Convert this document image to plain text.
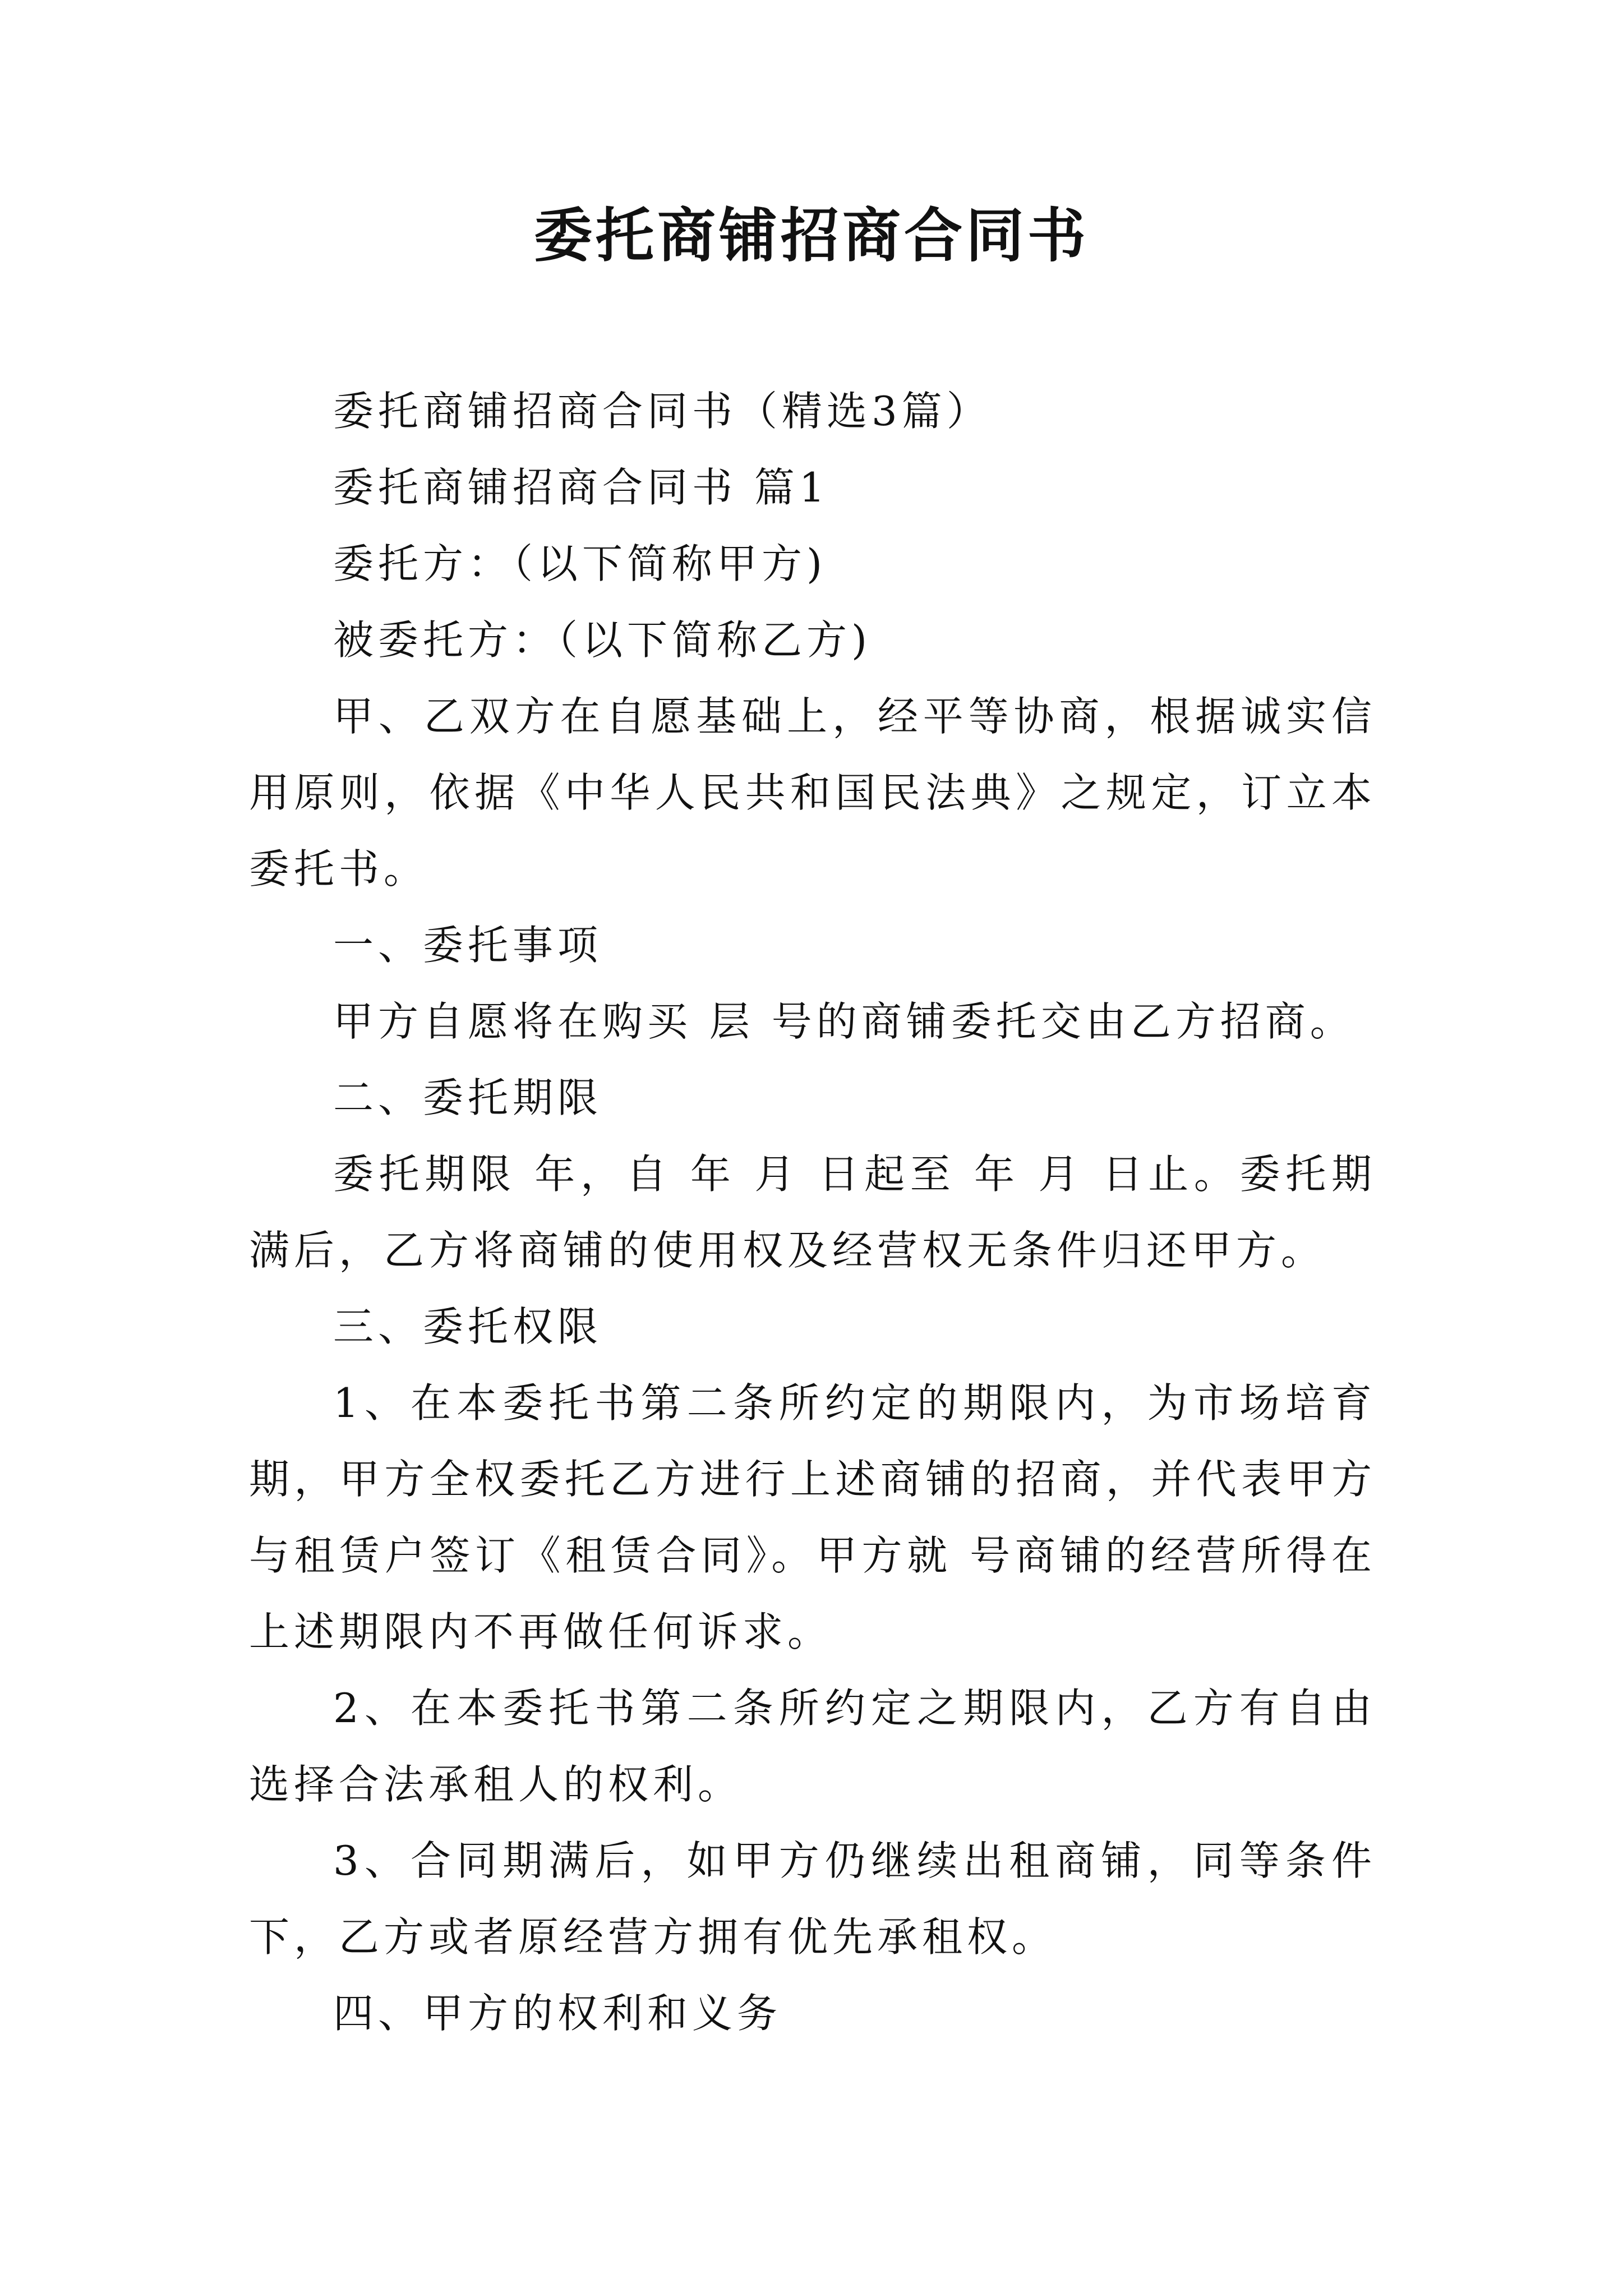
委托商铺招商合同书

委托商铺招商合同书（精选3篇）

委托商铺招商合同书 篇1

委托方：（以下简称甲方)

被委托方：（以下简称乙方)

甲、乙双方在自愿基础上，经平等协商，根据诚实信用原则，依据《中华人民共和国民法典》之规定，订立本委托书。

一、委托事项

甲方自愿将在购买 层 号的商铺委托交由乙方招商。

二、委托期限

委托期限 年，自 年 月 日起至 年 月 日止。委托期满后，乙方将商铺的使用权及经营权无条件归还甲方。

三、委托权限

1、在本委托书第二条所约定的期限内，为市场培育期，甲方全权委托乙方进行上述商铺的招商，并代表甲方与租赁户签订《租赁合同》。甲方就 号商铺的经营所得在上述期限内不再做任何诉求。

2、在本委托书第二条所约定之期限内，乙方有自由选择合法承租人的权利。

3、合同期满后，如甲方仍继续出租商铺，同等条件下，乙方或者原经营方拥有优先承租权。

四、甲方的权利和义务
